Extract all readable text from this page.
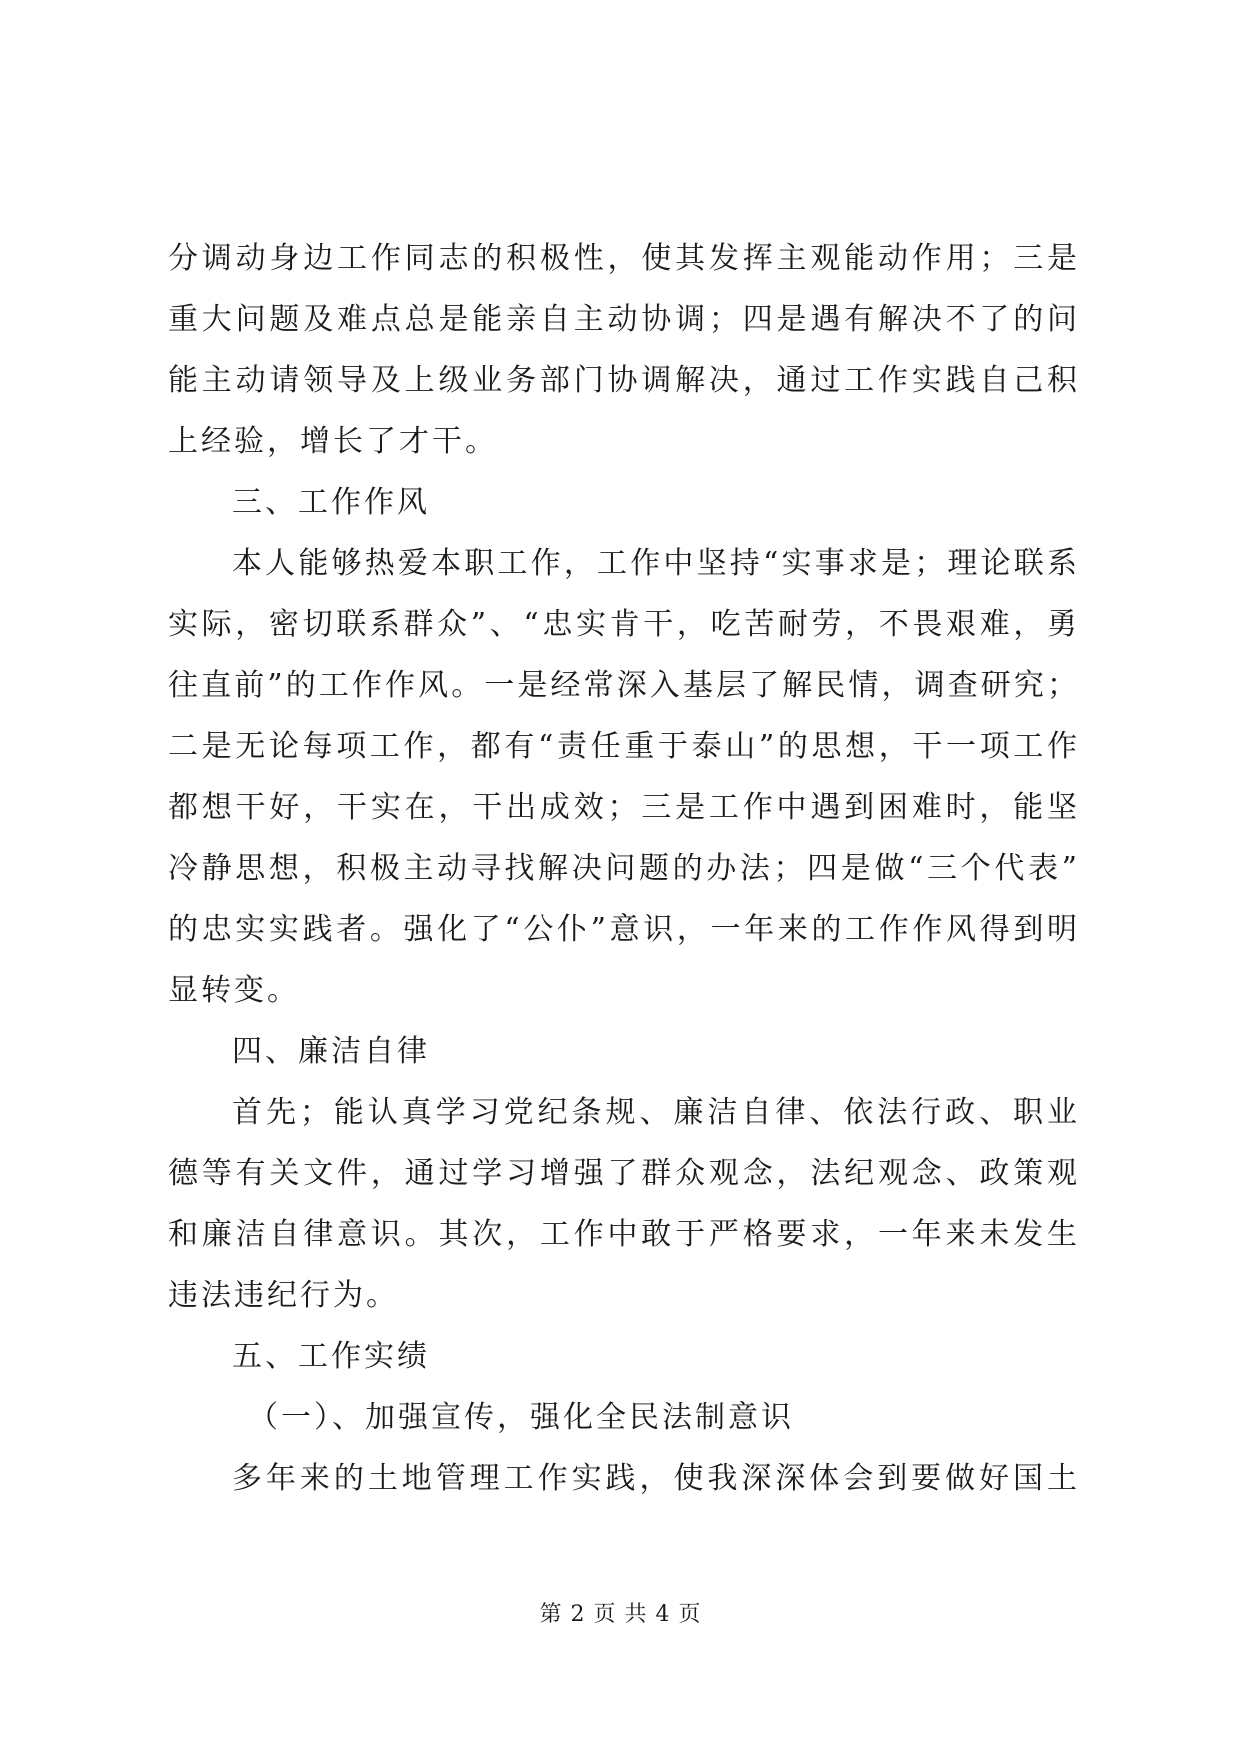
分调动身边工作同志的积极性，使其发挥主观能动作用；三是
重大问题及难点总是能亲自主动协调；四是遇有解决不了的问
能主动请领导及上级业务部门协调解决，通过工作实践自己积
上经验，增长了才干。
三、工作作风
本人能够热爱本职工作，工作中坚持“实事求是；理论联系
实际，密切联系群众”、“忠实肯干，吃苦耐劳，不畏艰难，勇
往直前”的工作作风。一是经常深入基层了解民情，调查研究；
二是无论每项工作，都有“责任重于泰山”的思想，干一项工作
都想干好，干实在，干出成效；三是工作中遇到困难时，能坚
冷静思想，积极主动寻找解决问题的办法；四是做“三个代表”
的忠实实践者。强化了“公仆”意识，一年来的工作作风得到明
显转变。
四、廉洁自律
首先；能认真学习党纪条规、廉洁自律、依法行政、职业
德等有关文件，通过学习增强了群众观念，法纪观念、政策观
和廉洁自律意识。其次，工作中敢于严格要求，一年来未发生
违法违纪行为。
五、工作实绩
（一）、加强宣传，强化全民法制意识
多年来的土地管理工作实践，使我深深体会到要做好国土
第 2 页 共 4 页
